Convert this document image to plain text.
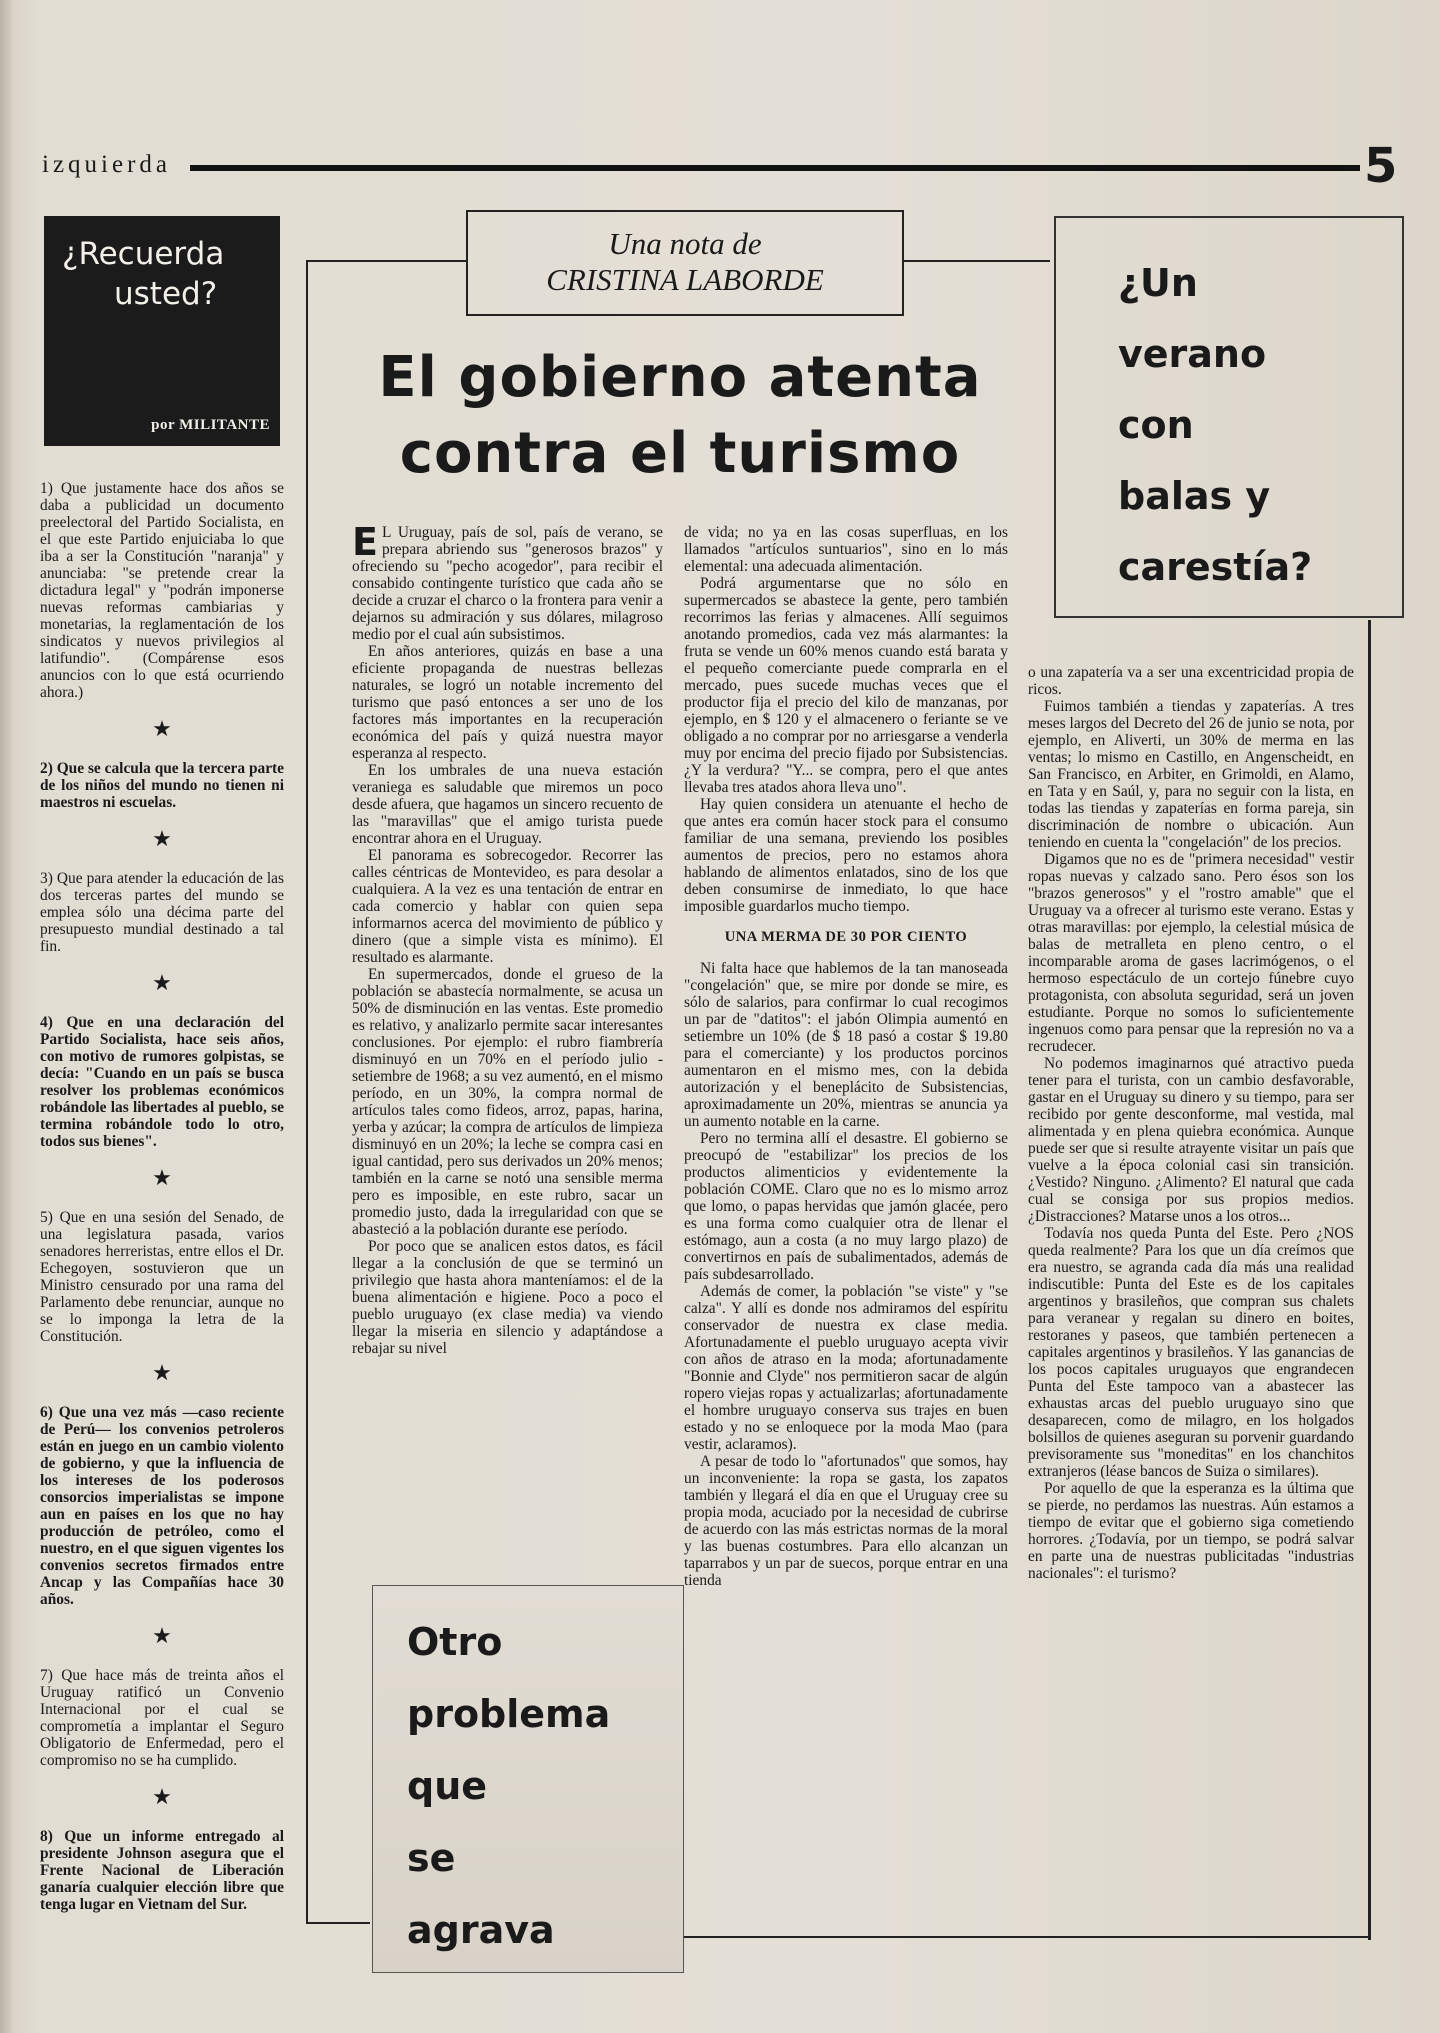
izquierda	5
¿Recuerda
usted?
por MILITANTE

1) Que justamente hace dos años se daba a publicidad un documento preelectoral del Partido Socialista, en el que este Partido enjuiciaba lo que iba a ser la Constitución "naranja" y anunciaba: "se pretende crear la dictadura legal" y "podrán imponerse nuevas reformas cambiarias y monetarias, la reglamentación de los sindicatos y nuevos privilegios al latifundio". (Compárense esos anuncios con lo que está ocurriendo ahora.)

★

2) Que se calcula que la tercera parte de los niños del mundo no tienen ni maestros ni escuelas.

★

3) Que para atender la educación de las dos terceras partes del mundo se emplea sólo una décima parte del presupuesto mundial destinado a tal fin.

★

4) Que en una declaración del Partido Socialista, hace seis años, con motivo de rumores golpistas, se decía: "Cuando en un país se busca resolver los problemas económicos robándole las libertades al pueblo, se termina robándole todo lo otro, todos sus bienes".

★

5) Que en una sesión del Senado, de una legislatura pasada, varios senadores herreristas, entre ellos el Dr. Echegoyen, sostuvieron que un Ministro censurado por una rama del Parlamento debe renunciar, aunque no se lo imponga la letra de la Constitución.

★

6) Que una vez más —caso reciente de Perú— los convenios petroleros están en juego en un cambio violento de gobierno, y que la influencia de los intereses de los poderosos consorcios imperialistas se impone aun en países en los que no hay producción de petróleo, como el nuestro, en el que siguen vigentes los convenios secretos firmados entre Ancap y las Compañías hace 30 años.

★

7) Que hace más de treinta años el Uruguay ratificó un Convenio Internacional por el cual se comprometía a implantar el Seguro Obligatorio de Enfermedad, pero el compromiso no se ha cumplido.

★

8) Que un informe entregado al presidente Johnson asegura que el Frente Nacional de Liberación ganaría cualquier elección libre que tenga lugar en Vietnam del Sur.

Una nota de
CRISTINA LABORDE
El gobierno atenta
contra el turismo

E L Uruguay, país de sol, país de verano, se prepara abriendo sus "generosos brazos" y ofreciendo su "pecho acogedor", para recibir el consabido contingente turístico que cada año se decide a cruzar el charco o la frontera para venir a dejarnos su admiración y sus dólares, milagroso medio por el cual aún subsistimos.

En años anteriores, quizás en base a una eficiente propaganda de nuestras bellezas naturales, se logró un notable incremento del turismo que pasó entonces a ser uno de los factores más importantes en la recuperación económica del país y quizá nuestra mayor esperanza al respecto.

En los umbrales de una nueva estación veraniega es saludable que miremos un poco desde afuera, que hagamos un sincero recuento de las "maravillas" que el amigo turista puede encontrar ahora en el Uruguay.

El panorama es sobrecogedor. Recorrer las calles céntricas de Montevideo, es para desolar a cualquiera. A la vez es una tentación de entrar en cada comercio y hablar con quien sepa informarnos acerca del movimiento de público y dinero (que a simple vista es mínimo). El resultado es alarmante.

En supermercados, donde el grueso de la población se abastecía normalmente, se acusa un 50% de disminución en las ventas. Este promedio es relativo, y analizarlo permite sacar interesantes conclusiones. Por ejemplo: el rubro fiambrería disminuyó en un 70% en el período julio - setiembre de 1968; a su vez aumentó, en el mismo período, en un 30%, la compra normal de artículos tales como fideos, arroz, papas, harina, yerba y azúcar; la compra de artículos de limpieza disminuyó en un 20%; la leche se compra casi en igual cantidad, pero sus derivados un 20% menos; también en la carne se notó una sensible merma pero es imposible, en este rubro, sacar un promedio justo, dada la irregularidad con que se abasteció a la población durante ese período.

Por poco que se analicen estos datos, es fácil llegar a la conclusión de que se terminó un privilegio que hasta ahora manteníamos: el de la buena alimentación e higiene. Poco a poco el pueblo uruguayo (ex clase media) va viendo llegar la miseria en silencio y adaptándose a rebajar su nivel

de vida; no ya en las cosas superfluas, en los llamados "artículos suntuarios", sino en lo más elemental: una adecuada alimentación.

Podrá argumentarse que no sólo en supermercados se abastece la gente, pero también recorrimos las ferias y almacenes. Allí seguimos anotando promedios, cada vez más alarmantes: la fruta se vende un 60% menos cuando está barata y el pequeño comerciante puede comprarla en el mercado, pues sucede muchas veces que el productor fija el precio del kilo de manzanas, por ejemplo, en $ 120 y el almacenero o feriante se ve obligado a no comprar por no arriesgarse a venderla muy por encima del precio fijado por Subsistencias. ¿Y la verdura? "Y... se compra, pero el que antes llevaba tres atados ahora lleva uno".

Hay quien considera un atenuante el hecho de que antes era común hacer stock para el consumo familiar de una semana, previendo los posibles aumentos de precios, pero no estamos ahora hablando de alimentos enlatados, sino de los que deben consumirse de inmediato, lo que hace imposible guardarlos mucho tiempo.

UNA MERMA DE 30 POR CIENTO

Ni falta hace que hablemos de la tan manoseada "congelación" que, se mire por donde se mire, es sólo de salarios, para confirmar lo cual recogimos un par de "datitos": el jabón Olimpia aumentó en setiembre un 10% (de $ 18 pasó a costar $ 19.80 para el comerciante) y los productos porcinos aumentaron en el mismo mes, con la debida autorización y el beneplácito de Subsistencias, aproximadamente un 20%, mientras se anuncia ya un aumento notable en la carne.

Pero no termina allí el desastre. El gobierno se preocupó de "estabilizar" los precios de los productos alimenticios y evidentemente la población COME. Claro que no es lo mismo arroz que lomo, o papas hervidas que jamón glacée, pero es una forma como cualquier otra de llenar el estómago, aun a costa (a no muy largo plazo) de convertirnos en país de subalimentados, además de país subdesarrollado.

Además de comer, la población "se viste" y "se calza". Y allí es donde nos admiramos del espíritu conservador de nuestra ex clase media. Afortunadamente el pueblo uruguayo acepta vivir con años de atraso en la moda; afortunadamente "Bonnie and Clyde" nos permitieron sacar de algún ropero viejas ropas y actualizarlas; afortunadamente el hombre uruguayo conserva sus trajes en buen estado y no se enloquece por la moda Mao (para vestir, aclaramos).

A pesar de todo lo "afortunados" que somos, hay un inconveniente: la ropa se gasta, los zapatos también y llegará el día en que el Uruguay cree su propia moda, acuciado por la necesidad de cubrirse de acuerdo con las más estrictas normas de la moral y las buenas costumbres. Para ello alcanzan un taparrabos y un par de suecos, porque entrar en una tienda

¿Un
verano
con
balas y
carestía?

o una zapatería va a ser una excentricidad propia de ricos.

Fuimos también a tiendas y zapaterías. A tres meses largos del Decreto del 26 de junio se nota, por ejemplo, en Aliverti, un 30% de merma en las ventas; lo mismo en Castillo, en Angenscheidt, en San Francisco, en Arbiter, en Grimoldi, en Alamo, en Tata y en Saúl, y, para no seguir con la lista, en todas las tiendas y zapaterías en forma pareja, sin discriminación de nombre o ubicación. Aun teniendo en cuenta la "congelación" de los precios.

Digamos que no es de "primera necesidad" vestir ropas nuevas y calzado sano. Pero ésos son los "brazos generosos" y el "rostro amable" que el Uruguay va a ofrecer al turismo este verano. Estas y otras maravillas: por ejemplo, la celestial música de balas de metralleta en pleno centro, o el incomparable aroma de gases lacrimógenos, o el hermoso espectáculo de un cortejo fúnebre cuyo protagonista, con absoluta seguridad, será un joven estudiante. Porque no somos lo suficientemente ingenuos como para pensar que la represión no va a recrudecer.

No podemos imaginarnos qué atractivo pueda tener para el turista, con un cambio desfavorable, gastar en el Uruguay su dinero y su tiempo, para ser recibido por gente desconforme, mal vestida, mal alimentada y en plena quiebra económica. Aunque puede ser que si resulte atrayente visitar un país que vuelve a la época colonial casi sin transición. ¿Vestido? Ninguno. ¿Alimento? El natural que cada cual se consiga por sus propios medios. ¿Distracciones? Matarse unos a los otros...

Todavía nos queda Punta del Este. Pero ¿NOS queda realmente? Para los que un día creímos que era nuestro, se agranda cada día más una realidad indiscutible: Punta del Este es de los capitales argentinos y brasileños, que compran sus chalets para veranear y regalan su dinero en boites, restoranes y paseos, que también pertenecen a capitales argentinos y brasileños. Y las ganancias de los pocos capitales uruguayos que engrandecen Punta del Este tampoco van a abastecer las exhaustas arcas del pueblo uruguayo sino que desaparecen, como de milagro, en los holgados bolsillos de quienes aseguran su porvenir guardando previsoramente sus "moneditas" en los chanchitos extranjeros (léase bancos de Suiza o similares).

Por aquello de que la esperanza es la última que se pierde, no perdamos las nuestras. Aún estamos a tiempo de evitar que el gobierno siga cometiendo horrores. ¿Todavía, por un tiempo, se podrá salvar en parte una de nuestras publicitadas "industrias nacionales": el turismo?

Otro
problema
que
se
agrava
